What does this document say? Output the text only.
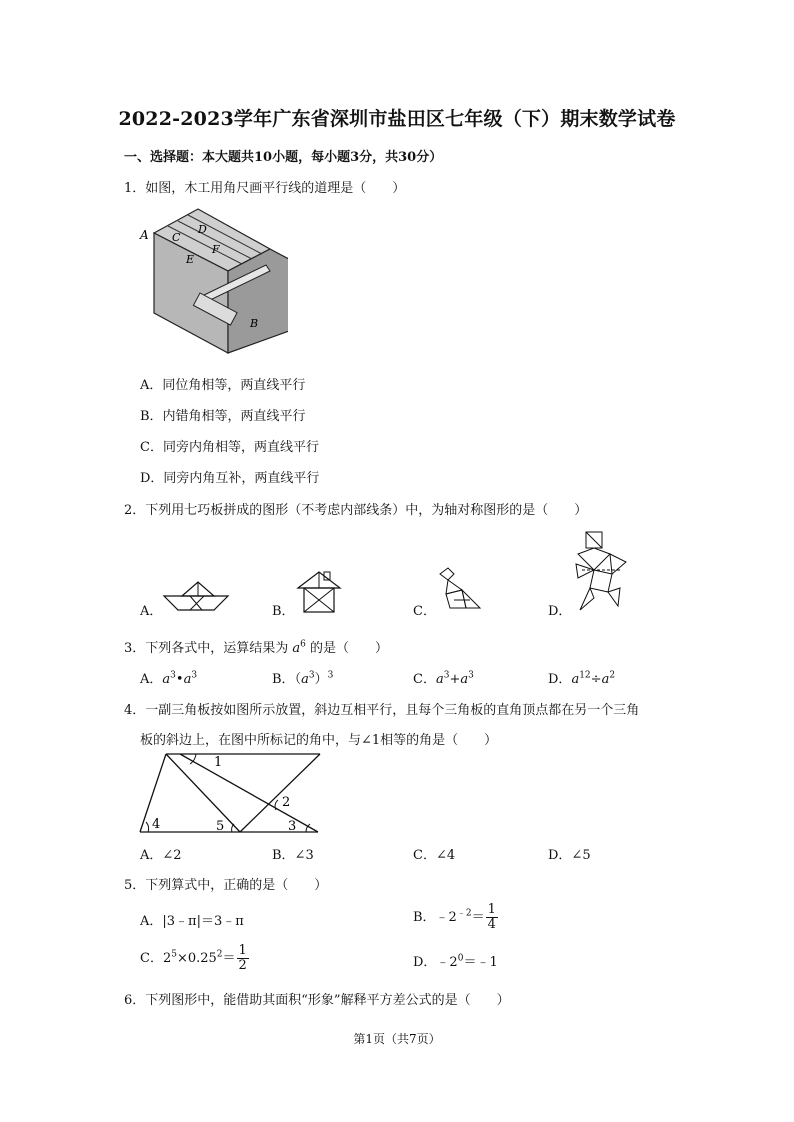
2022-2023学年广东省深圳市盐田区七年级（下）期末数学试卷
一、选择题：本大题共10小题，每小题3分，共30分）
1．如图，木工用角尺画平行线的道理是（　　）
A C
D
E
F
B
A．同位角相等，两直线平行
B．内错角相等，两直线平行
C．同旁内角相等，两直线平行
D．同旁内角互补，两直线平行
2．下列用七巧板拼成的图形（不考虑内部线条）中，为轴对称图形的是（　　）
A．	B．	C．	D．
3．下列各式中，运算结果为 $a^6$ 的是（　　）
A．$a^3•a^3$	B．$(a^3)^3$	C．$a^3+a^3$	D．$a^{12}\div a^2$
4．一副三角板按如图所示放置，斜边互相平行，且每个三角板的直角顶点都在另一个三角
板的斜边上，在图中所标记的角中，与∠1相等的角是（　　）
1
2
3
4	5
A．∠2	B．∠3	C．∠4	D．∠5
5．下列算式中，正确的是（　　）
A．|3﹣π|＝3﹣π	B．$﹣2^{﹣2}= \frac{1}{4}$
C．$2^5\times 0.25^2= \frac{1}{2}$	D．$﹣2^0=﹣1$
6．下列图形中，能借助其面积“形象”解释平方差公式的是（　　）
第1页（共7页）
